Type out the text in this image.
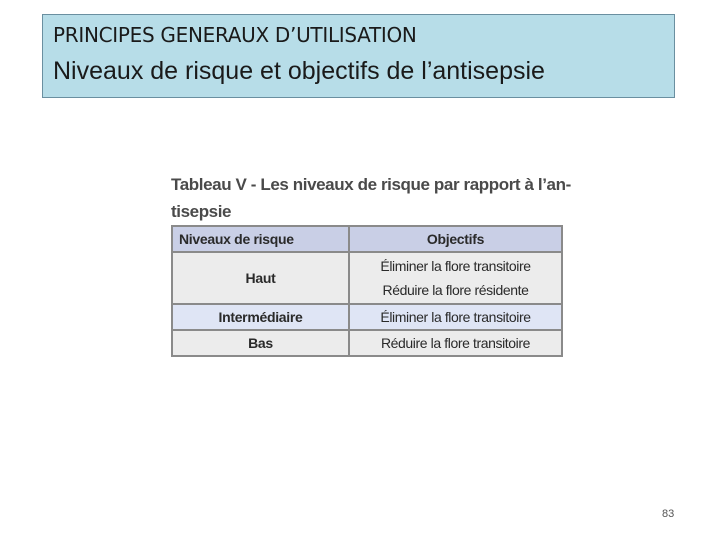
PRINCIPES GENERAUX D’UTILISATION
Niveaux de risque et objectifs de l’antisepsie
Tableau V - Les niveaux de risque par rapport à l’an-tisepsie
Niveaux de risque	Objectifs
Haut	Éliminer la flore transitoire
Réduire la flore résidente

Intermédiaire	Éliminer la flore transitoire

Bas	Réduire la flore transitoire
83
